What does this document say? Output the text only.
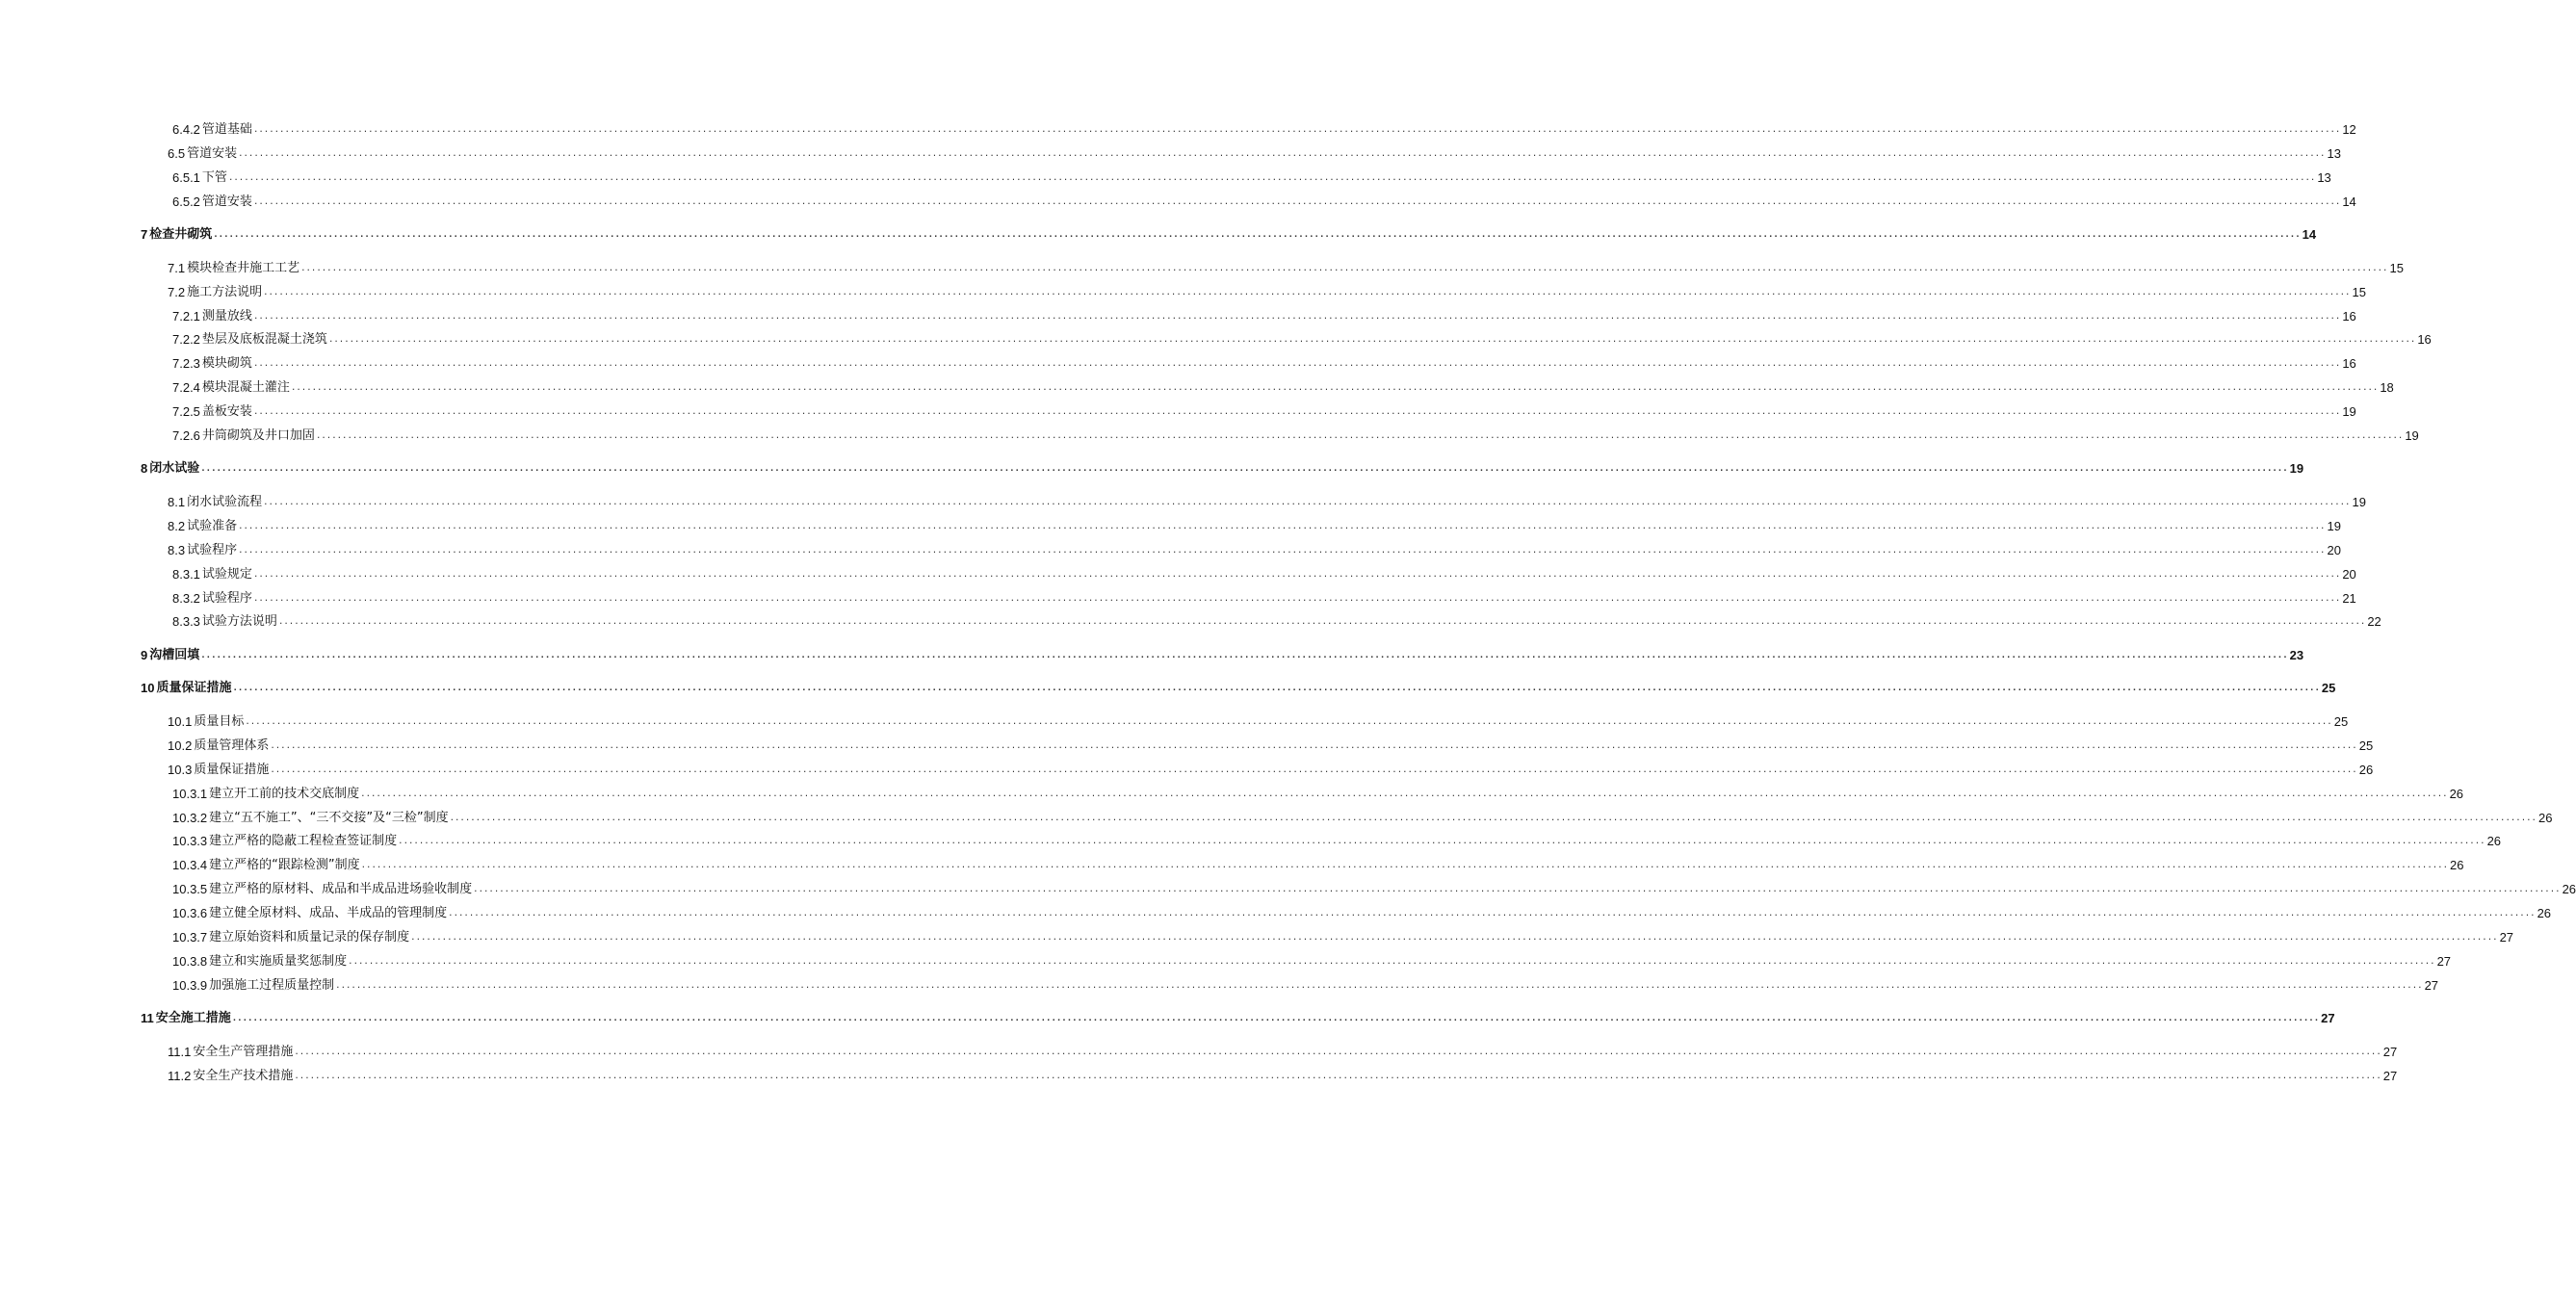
6.4.2 管道基础 ................................................................................................................................................................................................................................................................................................................................................................................................................ 12
6.5 管道安装 ................................................................................................................................................................................................................................................................................................................................................................................................................ 13
6.5.1 下管 ................................................................................................................................................................................................................................................................................................................................................................................................................ 13
6.5.2 管道安装 ................................................................................................................................................................................................................................................................................................................................................................................................................ 14
7 检查井砌筑 ................................................................................................................................................................................................................................................................................................................................................................................................................ 14
7.1 模块检查井施工工艺 ................................................................................................................................................................................................................................................................................................................................................................................................................ 15
7.2 施工方法说明 ................................................................................................................................................................................................................................................................................................................................................................................................................ 15
7.2.1 测量放线 ................................................................................................................................................................................................................................................................................................................................................................................................................ 16
7.2.2 垫层及底板混凝土浇筑 ................................................................................................................................................................................................................................................................................................................................................................................................................ 16
7.2.3 模块砌筑 ................................................................................................................................................................................................................................................................................................................................................................................................................ 16
7.2.4 模块混凝土灌注 ................................................................................................................................................................................................................................................................................................................................................................................................................ 18
7.2.5 盖板安装 ................................................................................................................................................................................................................................................................................................................................................................................................................ 19
7.2.6 井筒砌筑及井口加固 ................................................................................................................................................................................................................................................................................................................................................................................................................ 19
8 闭水试验 ................................................................................................................................................................................................................................................................................................................................................................................................................ 19
8.1 闭水试验流程 ................................................................................................................................................................................................................................................................................................................................................................................................................ 19
8.2 试验准备 ................................................................................................................................................................................................................................................................................................................................................................................................................ 19
8.3 试验程序 ................................................................................................................................................................................................................................................................................................................................................................................................................ 20
8.3.1 试验规定 ................................................................................................................................................................................................................................................................................................................................................................................................................ 20
8.3.2 试验程序 ................................................................................................................................................................................................................................................................................................................................................................................................................ 21
8.3.3 试验方法说明 ................................................................................................................................................................................................................................................................................................................................................................................................................ 22
9 沟槽回填 ................................................................................................................................................................................................................................................................................................................................................................................................................ 23
10 质量保证措施 ................................................................................................................................................................................................................................................................................................................................................................................................................ 25
10.1 质量目标 ................................................................................................................................................................................................................................................................................................................................................................................................................ 25
10.2 质量管理体系 ................................................................................................................................................................................................................................................................................................................................................................................................................ 25
10.3 质量保证措施 ................................................................................................................................................................................................................................................................................................................................................................................................................ 26
10.3.1 建立开工前的技术交底制度 ................................................................................................................................................................................................................................................................................................................................................................................................................ 26
10.3.2 建立“五不施工”、“三不交接”及“三检”制度 ................................................................................................................................................................................................................................................................................................................................................................................................................ 26
10.3.3 建立严格的隐蔽工程检查签证制度 ................................................................................................................................................................................................................................................................................................................................................................................................................ 26
10.3.4 建立严格的“跟踪检测”制度 ................................................................................................................................................................................................................................................................................................................................................................................................................ 26
10.3.5 建立严格的原材料、成品和半成品进场验收制度 ................................................................................................................................................................................................................................................................................................................................................................................................................ 26
10.3.6 建立健全原材料、成品、半成品的管理制度 ................................................................................................................................................................................................................................................................................................................................................................................................................ 26
10.3.7 建立原始资料和质量记录的保存制度 ................................................................................................................................................................................................................................................................................................................................................................................................................ 27
10.3.8 建立和实施质量奖惩制度 ................................................................................................................................................................................................................................................................................................................................................................................................................ 27
10.3.9 加强施工过程质量控制 ................................................................................................................................................................................................................................................................................................................................................................................................................ 27
11 安全施工措施 ................................................................................................................................................................................................................................................................................................................................................................................................................ 27
11.1 安全生产管理措施 ................................................................................................................................................................................................................................................................................................................................................................................................................ 27
11.2 安全生产技术措施 ................................................................................................................................................................................................................................................................................................................................................................................................................ 27
